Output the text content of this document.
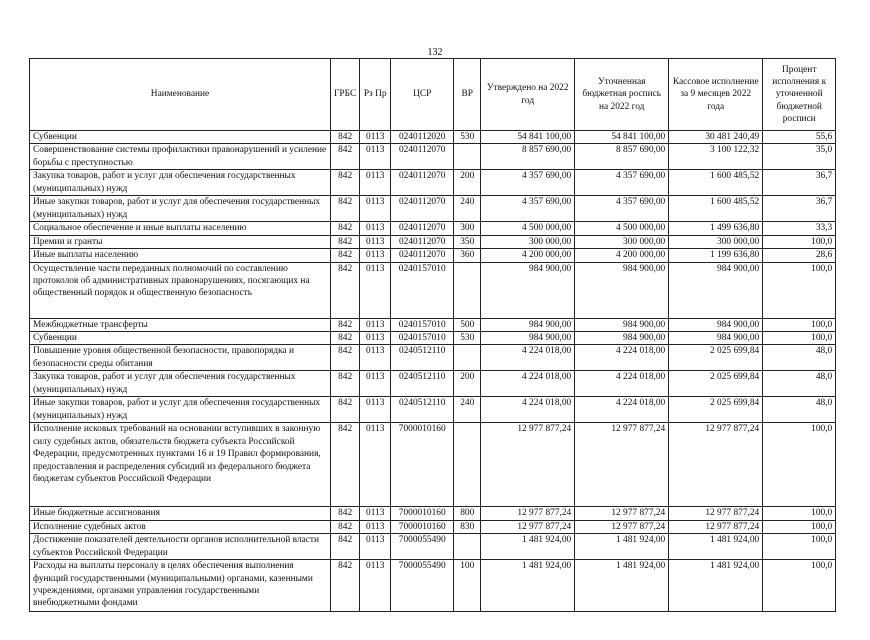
132
Наименование	ГРБС	Рз Пр	ЦСР	ВР	Утверждено на 2022 год	Уточненная бюджетная роспись на 2022 год	Кассовое исполнение за 9 месяцев 2022 года	Процент исполнения к уточненной бюджетной росписи
Субвенции	842	0113	0240112020	530	54 841 100,00	54 841 100,00	30 481 240,49	55,6
Совершенствование системы профилактики правонарушений и усиление борьбы с преступностью	842	0113	0240112070		8 857 690,00	8 857 690,00	3 100 122,32	35,0
Закупка товаров, работ и услуг для обеспечения государственных (муниципальных) нужд	842	0113	0240112070	200	4 357 690,00	4 357 690,00	1 600 485,52	36,7
Иные закупки товаров, работ и услуг для обеспечения государственных (муниципальных) нужд	842	0113	0240112070	240	4 357 690,00	4 357 690,00	1 600 485,52	36,7
Социальное обеспечение и иные выплаты населению	842	0113	0240112070	300	4 500 000,00	4 500 000,00	1 499 636,80	33,3
Премии и гранты	842	0113	0240112070	350	300 000,00	300 000,00	300 000,00	100,0
Иные выплаты населению	842	0113	0240112070	360	4 200 000,00	4 200 000,00	1 199 636,80	28,6
Осуществление части переданных полномочий по составлению протоколов об административных правонарушениях, посягающих на общественный порядок и общественную безопасность	842	0113	0240157010		984 900,00	984 900,00	984 900,00	100,0
Межбюджетные трансферты	842	0113	0240157010	500	984 900,00	984 900,00	984 900,00	100,0
Субвенции	842	0113	0240157010	530	984 900,00	984 900,00	984 900,00	100,0
Повышение уровня общественной безопасности, правопорядка и безопасности среды обитания	842	0113	0240512110		4 224 018,00	4 224 018,00	2 025 699,84	48,0
Закупка товаров, работ и услуг для обеспечения государственных (муниципальных) нужд	842	0113	0240512110	200	4 224 018,00	4 224 018,00	2 025 699,84	48,0
Иные закупки товаров, работ и услуг для обеспечения государственных (муниципальных) нужд	842	0113	0240512110	240	4 224 018,00	4 224 018,00	2 025 699,84	48,0
Исполнение исковых требований на основании вступивших в законную силу судебных актов, обязательств бюджета субъекта Российской Федерации, предусмотренных пунктами 16 и 19 Правил формирования, предоставления и распределения субсидий из федерального бюджета бюджетам субъектов Российской Федерации	842	0113	7000010160		12 977 877,24	12 977 877,24	12 977 877,24	100,0
Иные бюджетные ассигнования	842	0113	7000010160	800	12 977 877,24	12 977 877,24	12 977 877,24	100,0
Исполнение судебных актов	842	0113	7000010160	830	12 977 877,24	12 977 877,24	12 977 877,24	100,0
Достижение показателей деятельности органов исполнительной власти субъектов Российской Федерации	842	0113	7000055490		1 481 924,00	1 481 924,00	1 481 924,00	100,0
Расходы на выплаты персоналу в целях обеспечения выполнения функций государственными (муниципальными) органами, казенными учреждениями, органами управления государственными внебюджетными фондами	842	0113	7000055490	100	1 481 924,00	1 481 924,00	1 481 924,00	100,0
